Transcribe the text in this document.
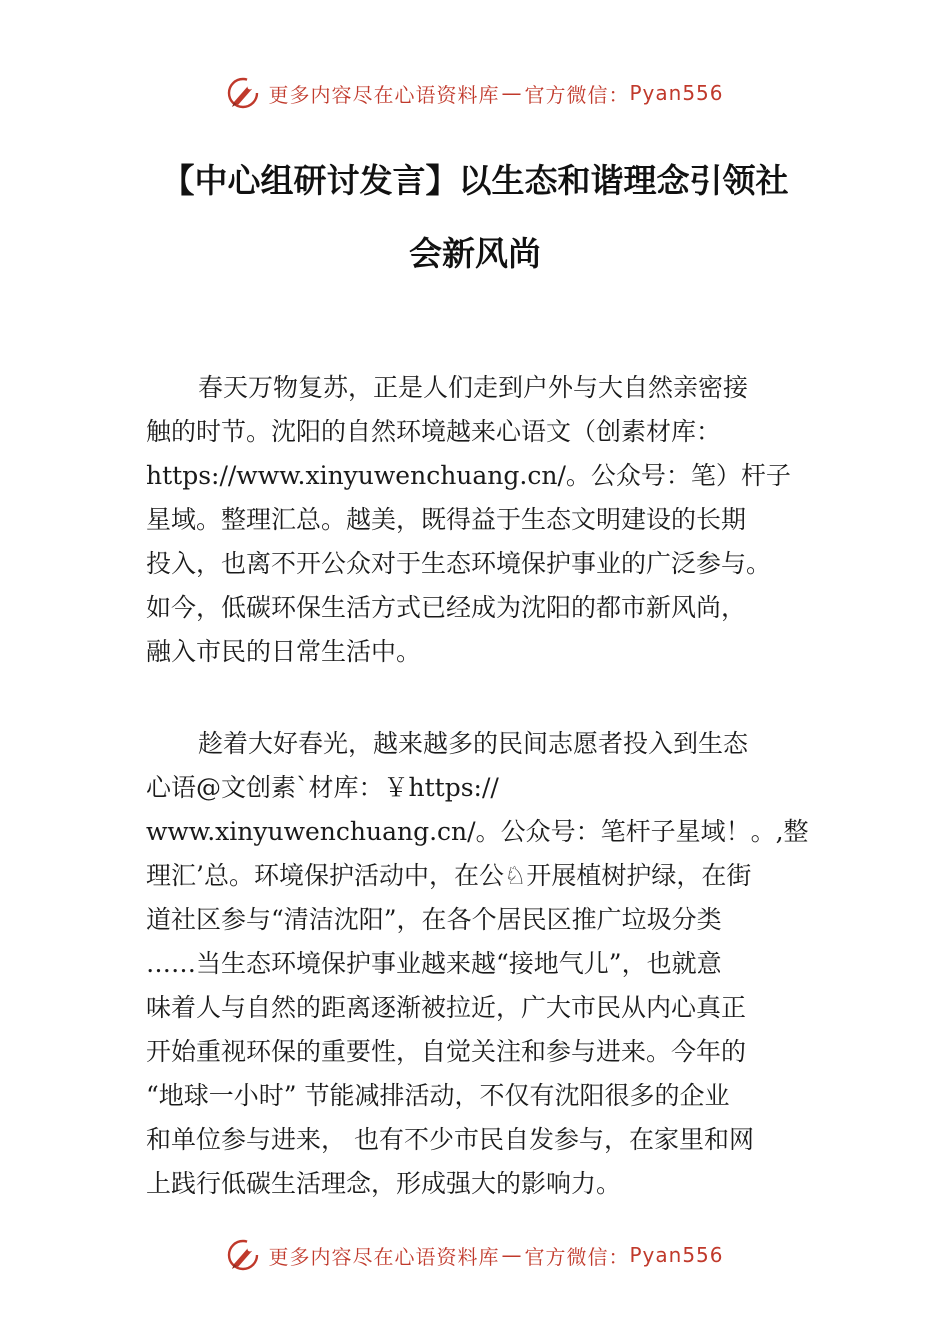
更多内容尽在心语资料库 — 官方微信： Pyan556
【中心组研讨发言】以生态和谐理念引领社
会新风尚
春天万物复苏，正是人们走到户外与大自然亲密接
触的时节。沈阳的自然环境越来心语文（创素材库：
https://www.xinyuwenchuang.cn/。公众号：笔）杆子
星域。整理汇总。越美，既得益于生态文明建设的长期
投入，也离不开公众对于生态环境保护事业的广泛参与。
如今，低碳环保生活方式已经成为沈阳的都市新风尚，
融入市民的日常生活中。
趁着大好春光，越来越多的民间志愿者投入到生态
心语@文创素`材库：￥https://
www.xinyuwenchuang.cn/。公众号：笔杆子星域！。,整
理汇’总。环境保护活动中，在公♘开展植树护绿，在街
道社区参与“清洁沈阳”，在各个居民区推广垃圾分类
……当生态环境保护事业越来越“接地气儿”，也就意
味着人与自然的距离逐渐被拉近，广大市民从内心真正
开始重视环保的重要性，自觉关注和参与进来。今年的
“地球一小时” 节能减排活动，不仅有沈阳很多的企业
和单位参与进来， 也有不少市民自发参与，在家里和网
上践行低碳生活理念，形成强大的影响力。
更多内容尽在心语资料库 — 官方微信： Pyan556
